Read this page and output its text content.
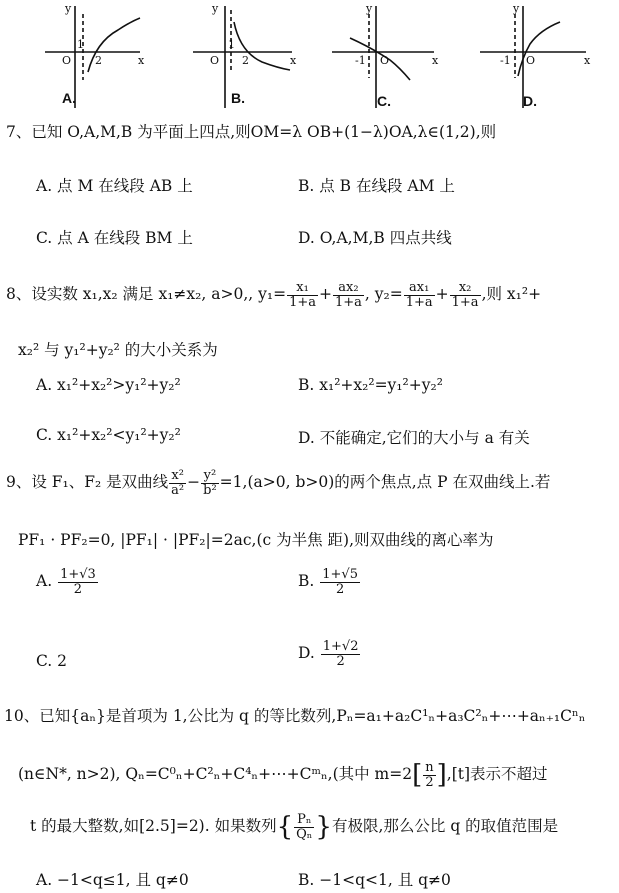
O
1
2	x
y
O
1
2	x
y
-1 O	x
y
-1 O	x
y
A.	B.	C.	D.
7、已知 O,A,M,B 为平面上四点,则OM=λ OB+(1−λ)OA,λ∈(1,2),则
A. 点 M 在线段 AB 上	B. 点 B 在线段 AM 上
C. 点 A 在线段 BM 上	D. O,A,M,B 四点共线
8、设实数 x₁,x₂ 满足 x₁≠x₂, a>0,, $y_1= \frac{\text{x₁}}{1+a} + \frac{\text{ax₂}}{1+a}$ , $y_2= \frac{\text{ax₁}}{1+a} + \frac{\text{x₂}}{1+a}$ ,则 x₁²+
x₂² 与 y₁²+y₂² 的大小关系为
A. x₁²+x₂²>y₁²+y₂²	B. x₁²+x₂²=y₁²+y₂²
C. x₁²+x₂²<y₁²+y₂²	D. 不能确定,它们的大小与 a 有关
9、设 F₁、F₂ 是双曲线 $\frac{\text{x²}}{\text{a²}} - \frac{\text{y²}}{\text{b²}} =1,(a>0$, b>0)的两个焦点,点 P 在双曲线上.若
PF₁ · PF₂=0, |PF₁| · |PF₂|=2ac,(c 为半焦 距),则双曲线的离心率为
A. $\frac{1+√3}{2}$	B. $\frac{1+√5}{2}$
C. 2	D. $\frac{1+√2}{2}$
10、已知{aₙ}是首项为 1,公比为 q 的等比数列,Pₙ=a₁+a₂C¹ₙ+a₃C²ₙ+⋯+aₙ₊₁Cⁿₙ
(n∈N*, n>2), Qₙ=C⁰ₙ+C²ₙ+C⁴ₙ+⋯+Cᵐₙ,(其中 $m=2[ \frac{n}{2} ],[t]$表示不超过
t 的最大整数,如[2.5]=2). 如果数列{ $\frac{\text{Pₙ}}{\text{Qₙ}}$ }有极限,那么公比 q 的取值范围是
A. −1<q≤1, 且 q≠0	B. −1<q<1, 且 q≠0
